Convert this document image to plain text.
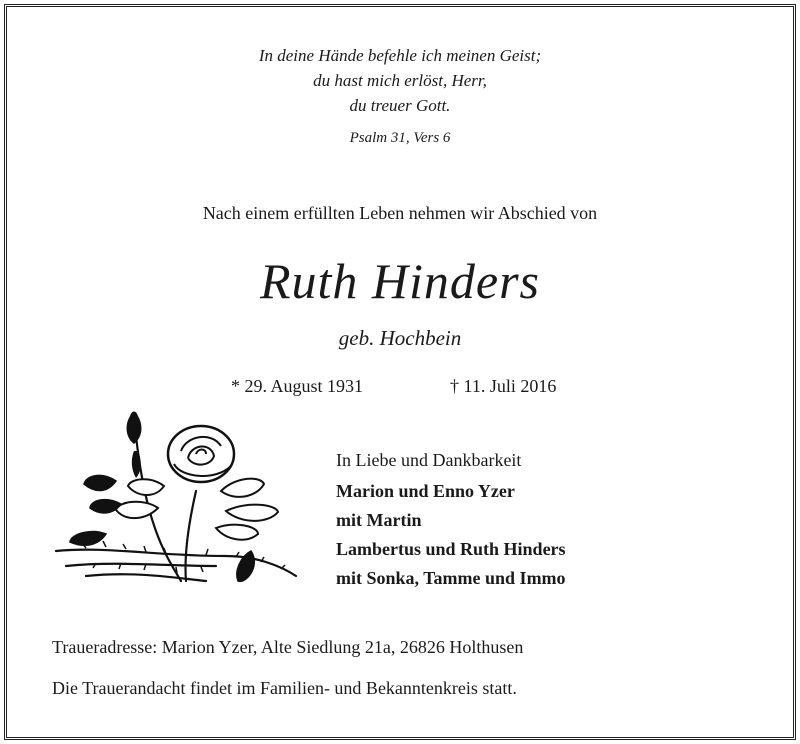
In deine Hände befehle ich meinen Geist;
du hast mich erlöst, Herr,
du treuer Gott.
Psalm 31, Vers 6
Nach einem erfüllten Leben nehmen wir Abschied von
Ruth Hinders
geb. Hochbein
* 29. August 1931	† 11. Juli 2016
In Liebe und Dankbarkeit
Marion und Enno Yzer
mit Martin
Lambertus und Ruth Hinders
mit Sonka, Tamme und Immo
Traueradresse: Marion Yzer, Alte Siedlung 21a, 26826 Holthusen
Die Trauerandacht findet im Familien- und Bekanntenkreis statt.
